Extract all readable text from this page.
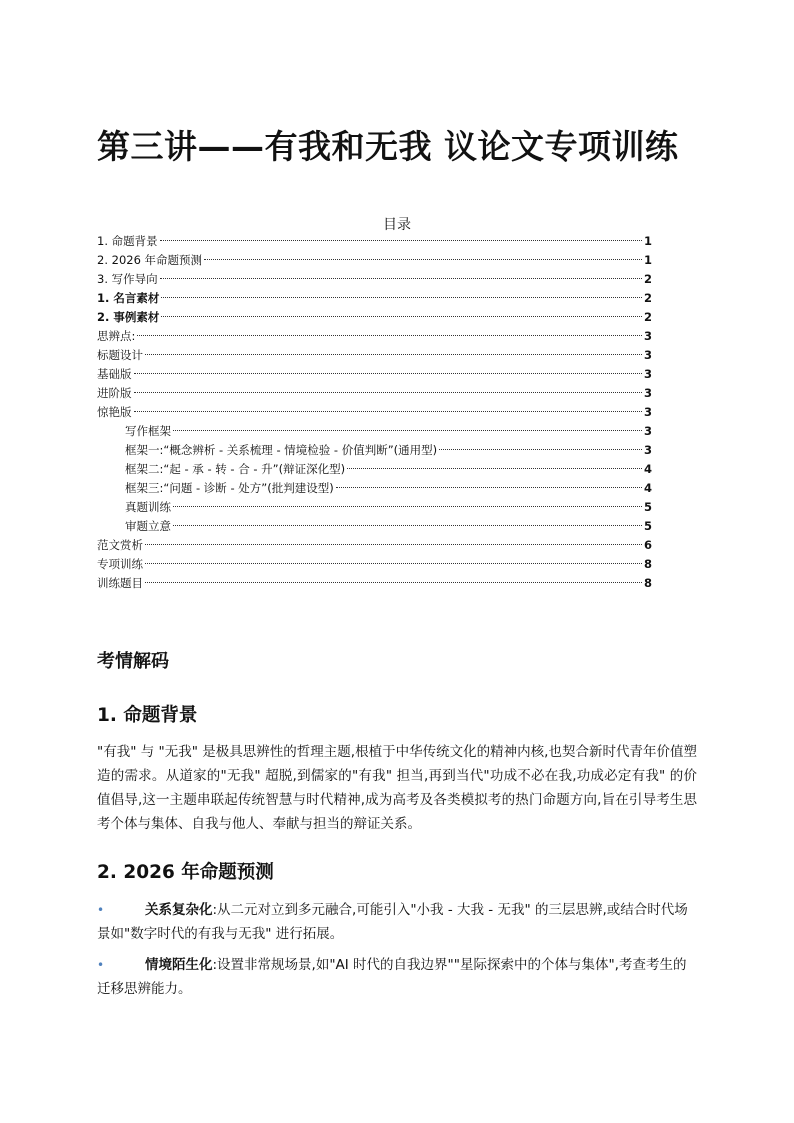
第三讲——有我和无我 议论文专项训练
目录
1. 命题背景	1
2. 2026 年命题预测	1
3. 写作导向	2
1. 名言素材	2
2. 事例素材	2
思辨点:	3
标题设计	3
基础版	3
进阶版	3
惊艳版	3
写作框架	3
框架一:“概念辨析 - 关系梳理 - 情境检验 - 价值判断”(通用型)	3
框架二:“起 - 承 - 转 - 合 - 升”(辩证深化型)	4
框架三:“问题 - 诊断 - 处方”(批判建设型)	4
真题训练	5
审题立意	5
范文赏析	6
专项训练	8
训练题目	8
考情解码
1. 命题背景
"有我" 与 "无我" 是极具思辨性的哲理主题,根植于中华传统文化的精神内核,也契合新时代青年价值塑造的需求。从道家的"无我" 超脱,到儒家的"有我" 担当,再到当代"功成不必在我,功成必定有我" 的价值倡导,这一主题串联起传统智慧与时代精神,成为高考及各类模拟考的热门命题方向,旨在引导考生思考个体与集体、自我与他人、奉献与担当的辩证关系。
2. 2026 年命题预测
•	关系复杂化:从二元对立到多元融合,可能引入"小我 - 大我 - 无我" 的三层思辨,或结合时代场景如"数字时代的有我与无我" 进行拓展。
•	情境陌生化:设置非常规场景,如"AI 时代的自我边界""星际探索中的个体与集体",考查考生的迁移思辨能力。
